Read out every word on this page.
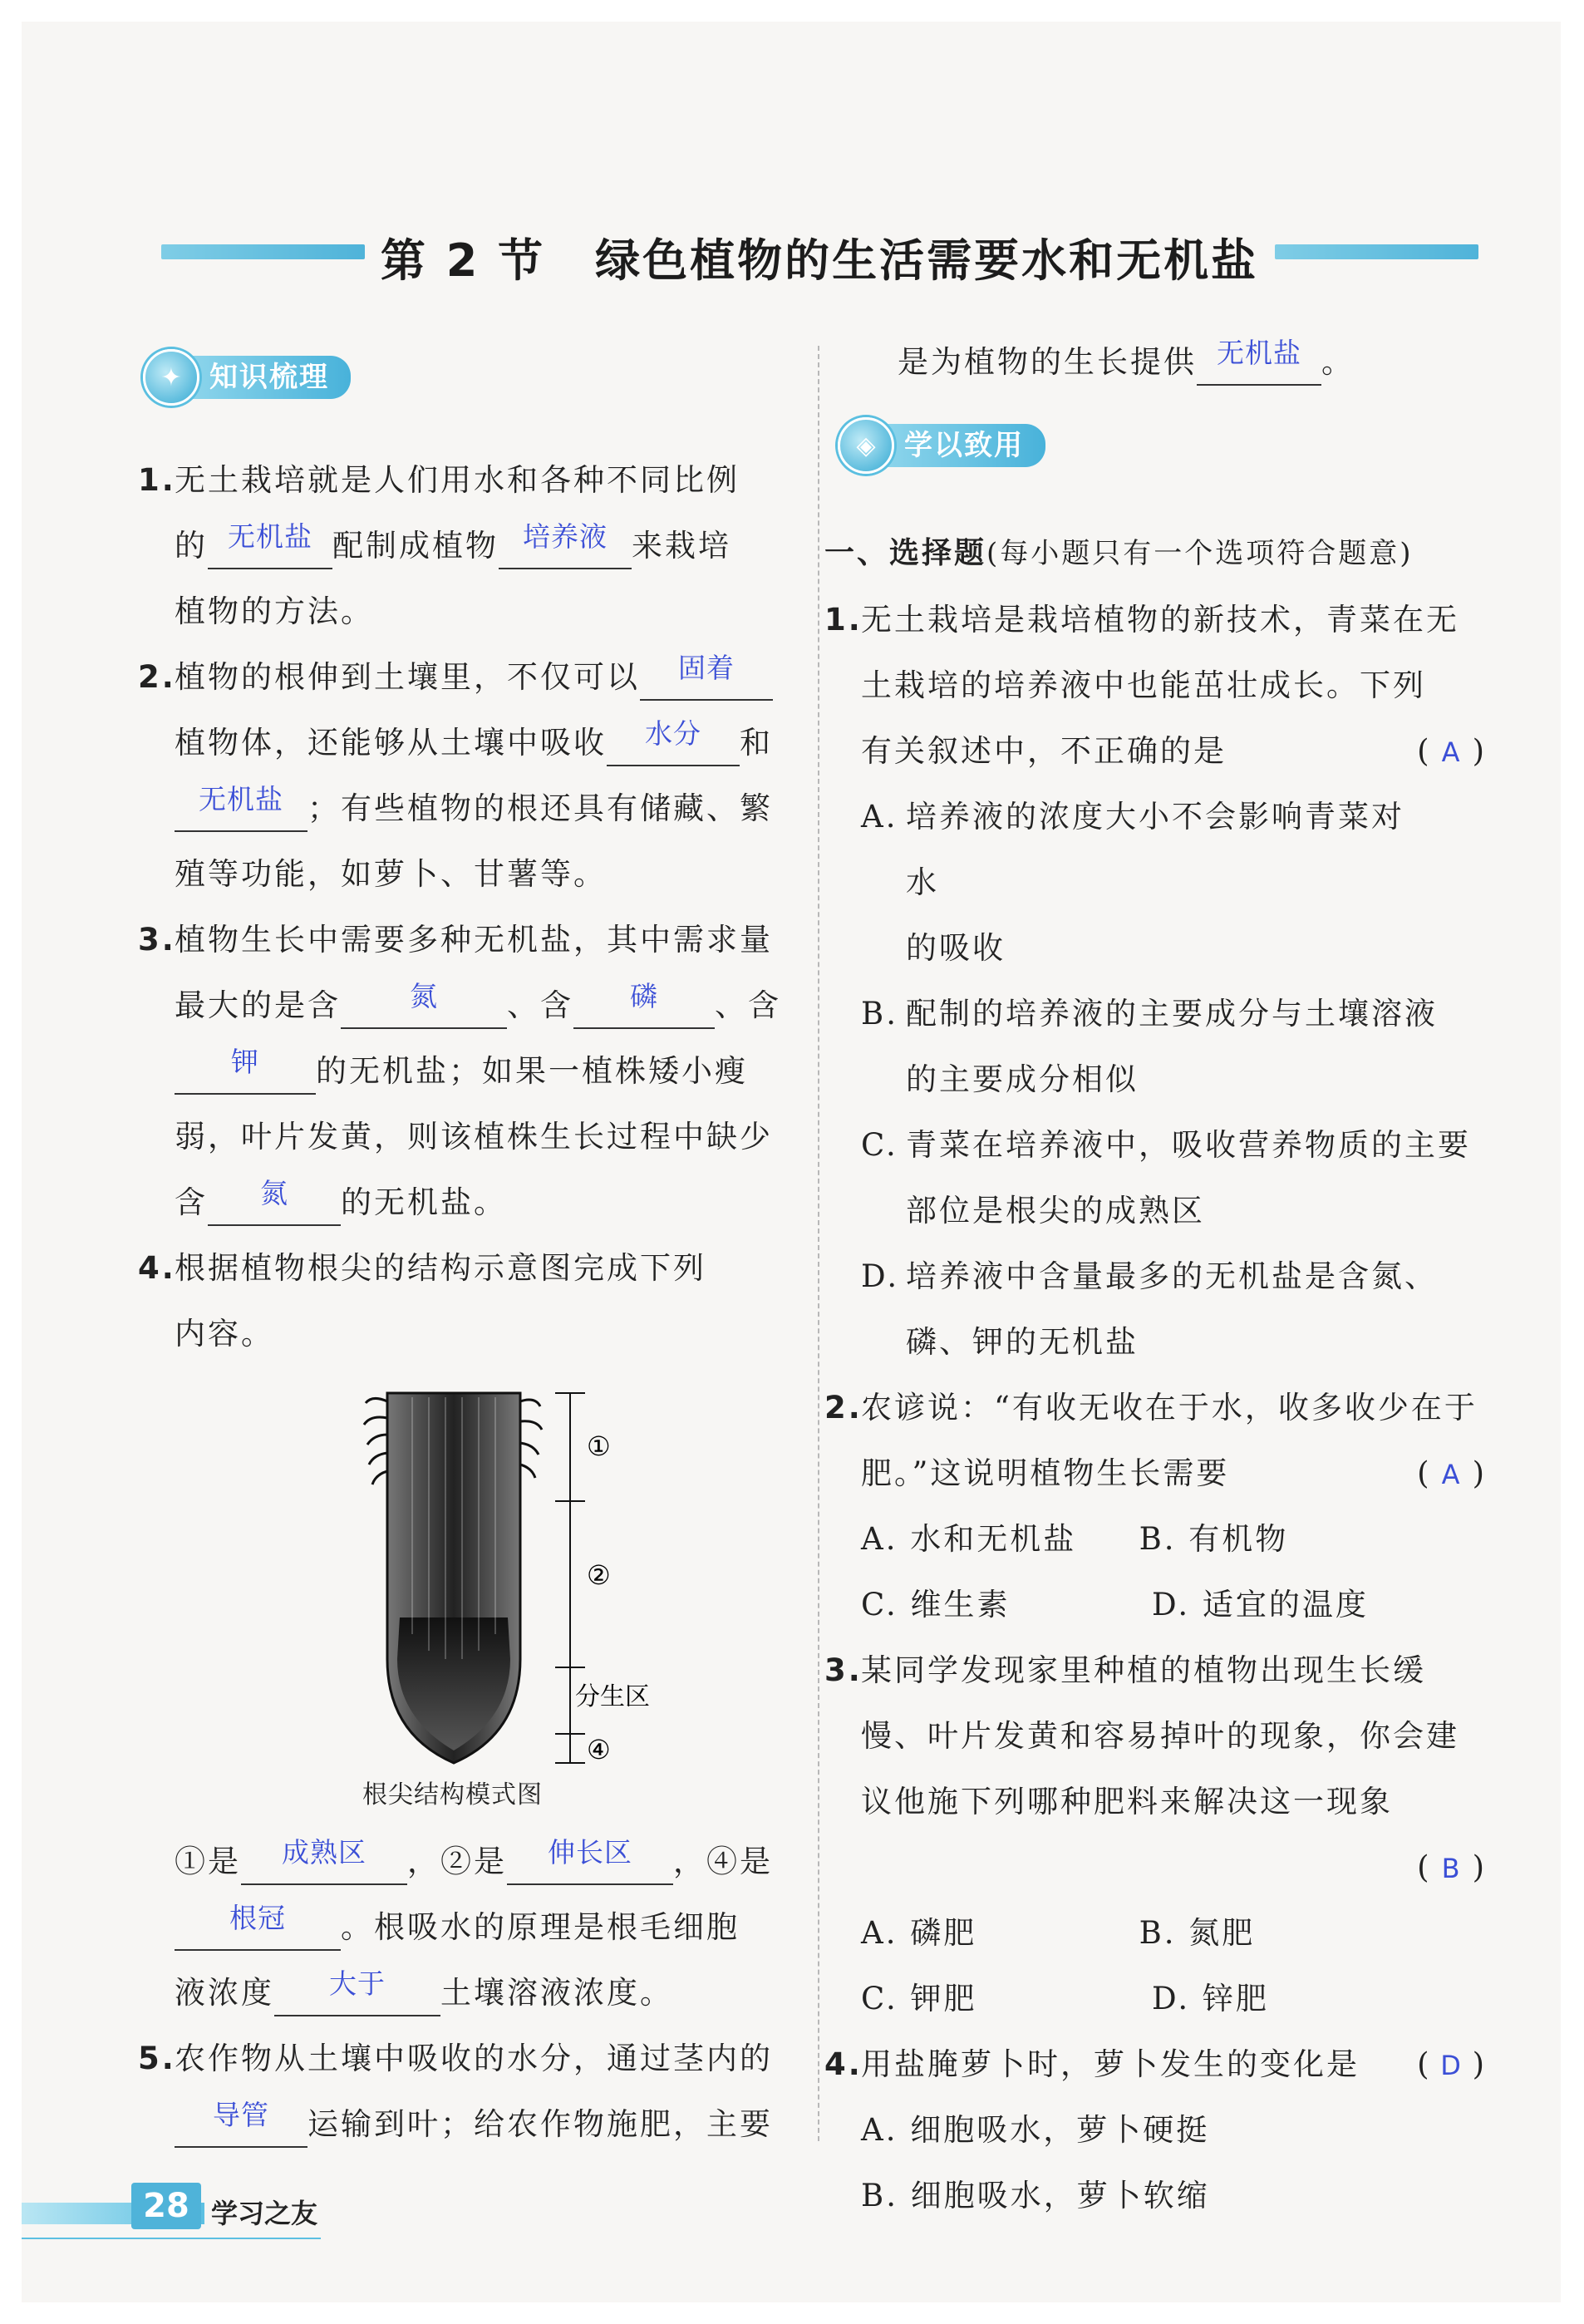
第 2 节 绿色植物的生活需要水和无机盐
✦ 知识梳理

1.
无土栽培就是人们用水和各种不同比例

的 无机盐 配制成植物 培养液 来栽培

植物的方法。

2.
植物的根伸到土壤里，不仅可以 固着

植物体，还能够从土壤中吸收 水分 和

无机盐 ；有些植物的根还具有储藏、繁

殖等功能，如萝卜、甘薯等。

3.
植物生长中需要多种无机盐，其中需求量

最大的是含	氮 、含 磷 、含

钾 的无机盐；如果一植株矮小瘦

弱，叶片发黄，则该植株生长过程中缺少

含 氮 的无机盐。

4.
根据植物根尖的结构示意图完成下列

内容。

①
②
分生区
④
根尖结构模式图

①是 成熟区 ，②是 伸长区 ，④是

根冠 。根吸水的原理是根毛细胞

液浓度 大于 土壤溶液浓度。

5.
农作物从土壤中吸收的水分，通过茎内的

导管 运输到叶；给农作物施肥，主要

是为植物的生长提供 无机盐 。

◈	学以致用

一、选择题(每小题只有一个选项符合题意)

1.
无土栽培是栽培植物的新技术，青菜在无

土栽培的培养液中也能茁壮成长。下列

有关叙述中，不正确的是	( A )

A. 培养液的浓度大小不会影响青菜对水

的吸收

B. 配制的培养液的主要成分与土壤溶液

的主要成分相似

C. 青菜在培养液中，吸收营养物质的主要

部位是根尖的成熟区

D. 培养液中含量最多的无机盐是含氮、

磷、钾的无机盐

2.
农谚说：“有收无收在于水，收多收少在于

肥。”这说明植物生长需要	( A )

A. 水和无机盐	B. 有机物

C. 维生素	D. 适宜的温度

3.
某同学发现家里种植的植物出现生长缓

慢、叶片发黄和容易掉叶的现象，你会建

议他施下列哪种肥料来解决这一现象

( B )

A. 磷肥	B. 氮肥

C. 钾肥	D. 锌肥

4.
用盐腌萝卜时，萝卜发生的变化是 ( D )

A. 细胞吸水，萝卜硬挺

B. 细胞吸水，萝卜软缩

28 学习之友
